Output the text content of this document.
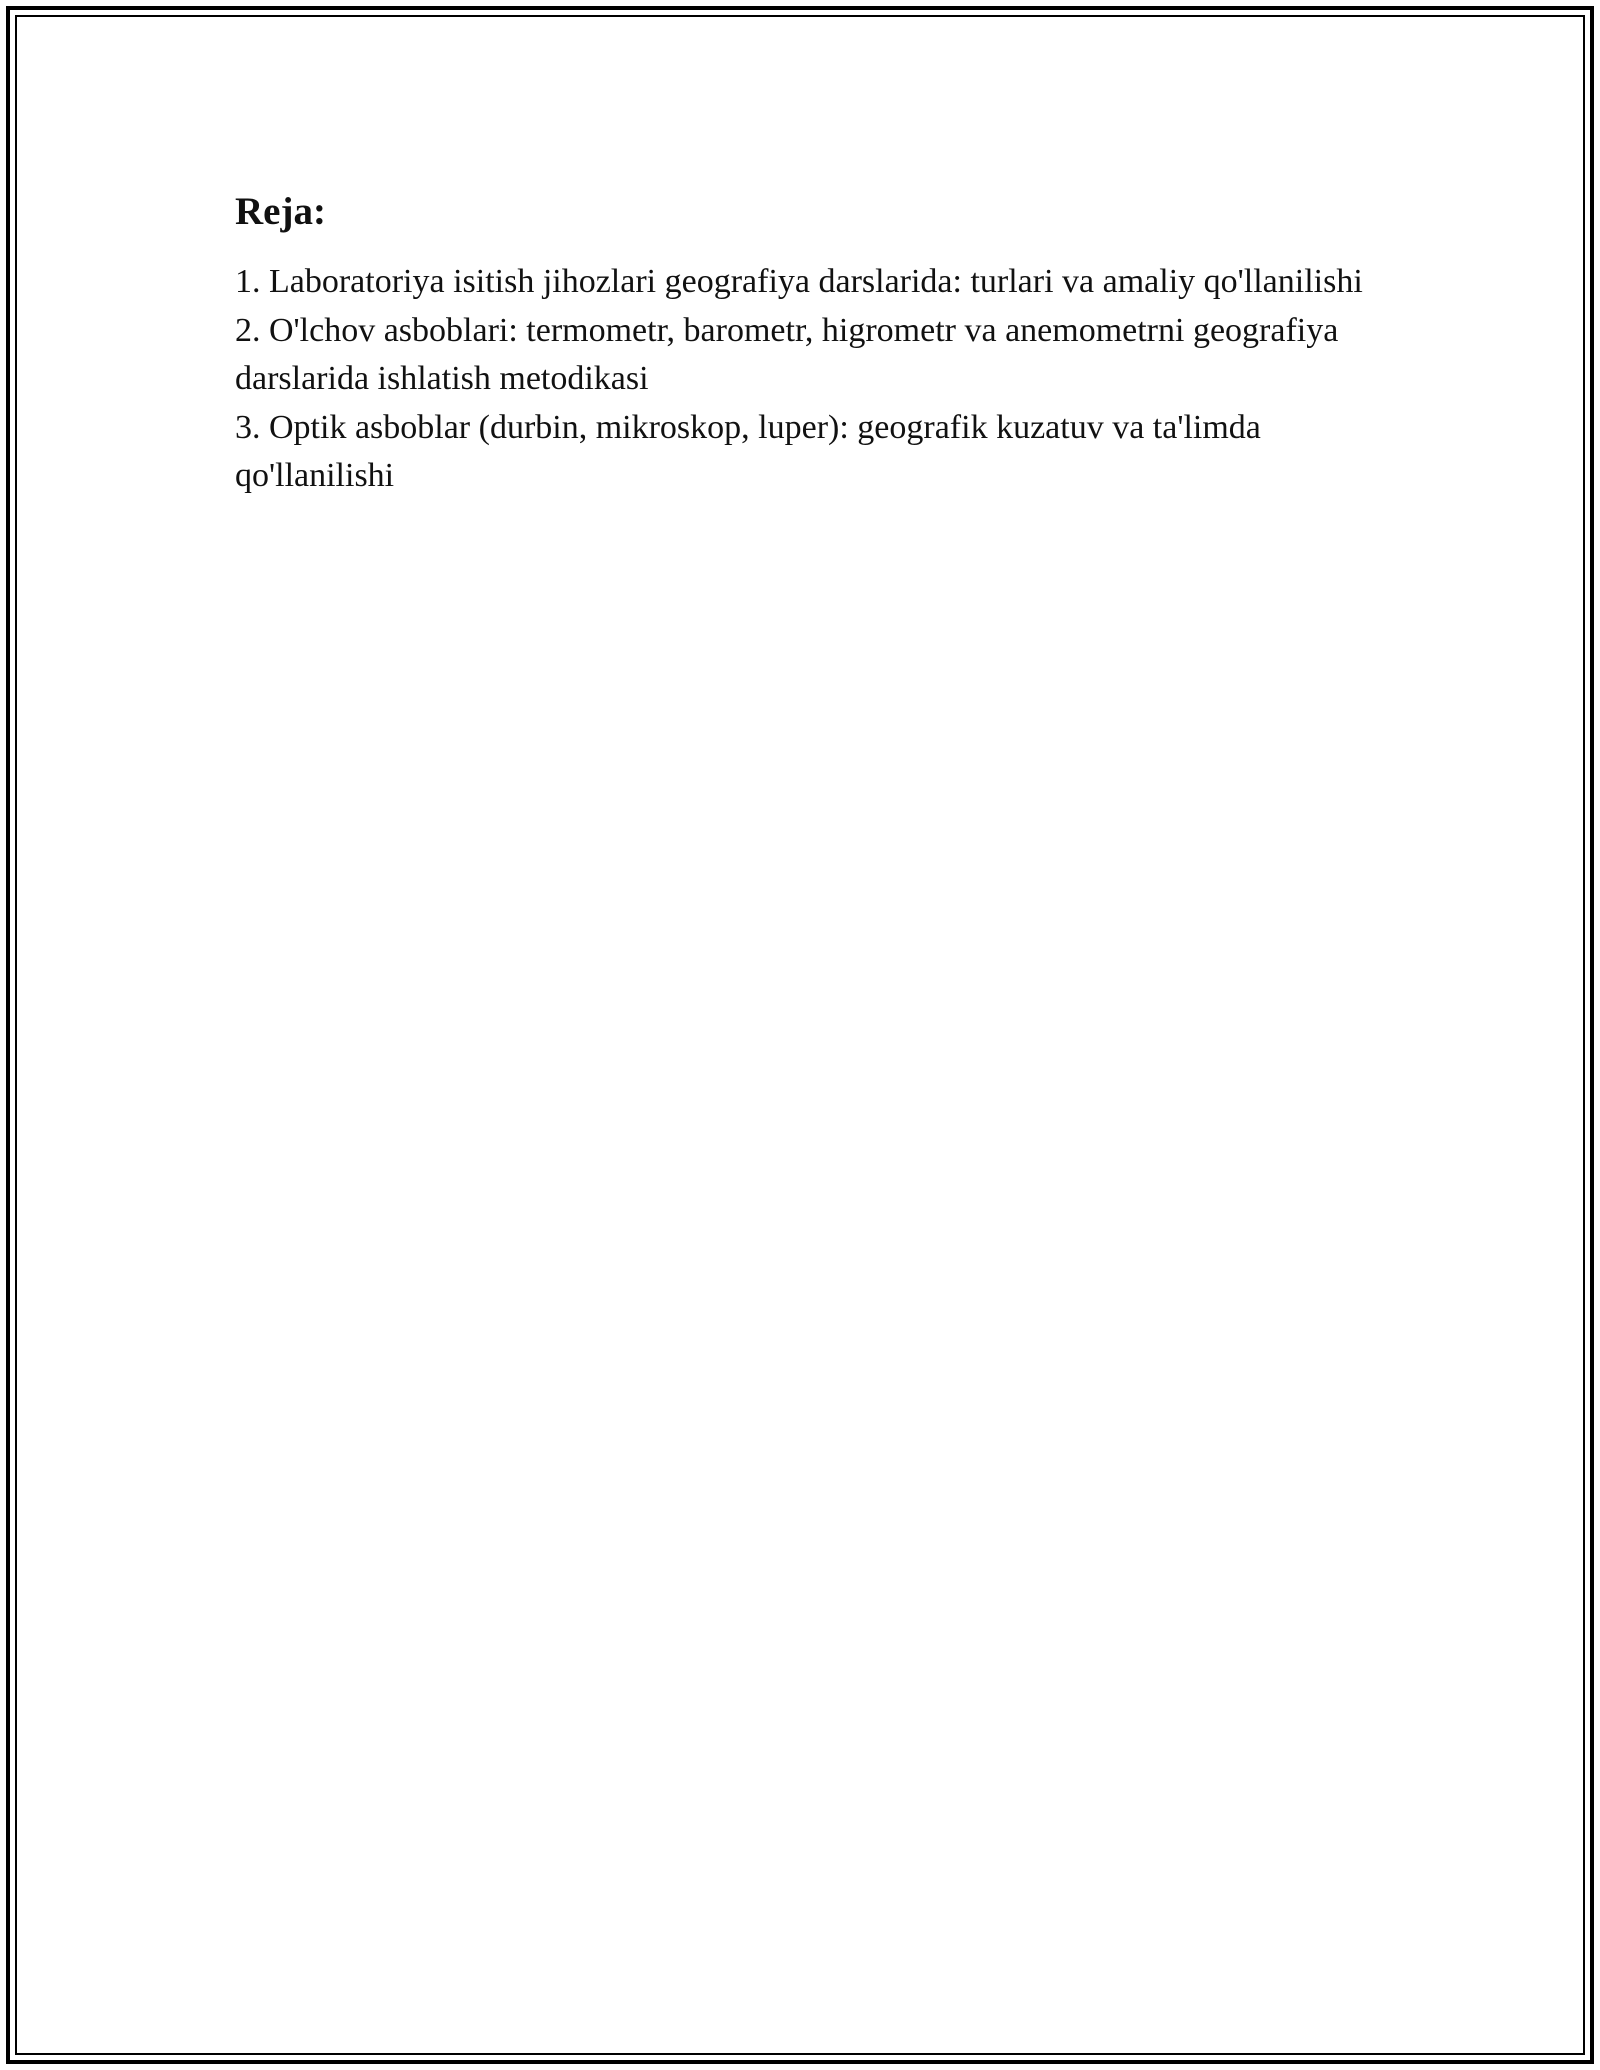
Reja:
1. Laboratoriya isitish jihozlari geografiya darslarida: turlari va amaliy qo'llanilishi
2. O'lchov asboblari: termometr, barometr, higrometr va anemometrni geografiya darslarida ishlatish metodikasi
3. Optik asboblar (durbin, mikroskop, luper): geografik kuzatuv va ta'limda qo'llanilishi
